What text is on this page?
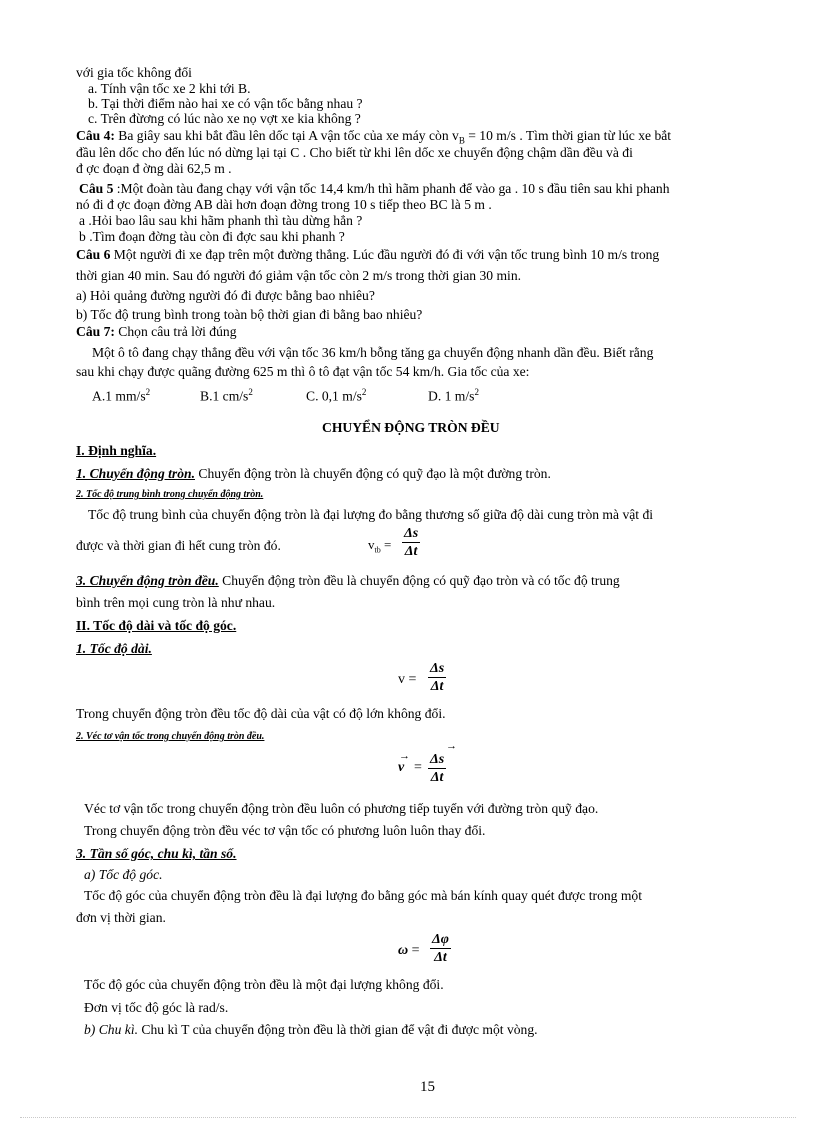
với gia tốc không đổi
a. Tính vận tốc xe 2 khi tới B.
b. Tại thời điểm nào hai xe có vận tốc bằng nhau ?
c. Trên đừơng có lúc nào xe nọ vợt xe kia không ?
Câu 4: Ba giây sau khi bắt đầu lên dốc tại A vận tốc của xe máy còn $v_B = 10$ m/s . Tìm thời gian từ lúc xe bắt
đầu lên dốc cho đến lúc nó dừng lại tại C . Cho biết từ khi lên dốc xe chuyển động chậm dần đều và đi
đ ợc đoạn đ ờng dài 62,5 m .
Câu 5 :Một đoàn tàu đang chạy với vận tốc 14,4 km/h thì hãm phanh để vào ga . 10 s đầu tiên sau khi phanh
nó đi đ ợc đoạn đờng AB dài hơn đoạn đờng trong 10 s tiếp theo BC là 5 m .
a .Hỏi bao lâu sau khi hãm phanh thì tàu dừng hẳn ?
b .Tìm đoạn đờng tàu còn đi đợc sau khi phanh ?
Câu 6 Một người đi xe đạp trên một đường thẳng. Lúc đầu người đó đi với vận tốc trung bình 10 m/s trong
thời gian 40 min. Sau đó người đó giảm vận tốc còn 2 m/s trong thời gian 30 min.
a) Hỏi quảng đường người đó đi được bằng bao nhiêu?
b) Tốc độ trung bình trong toàn bộ thời gian đi bằng bao nhiêu?
Câu 7: Chọn câu trả lời đúng
Một ô tô đang chạy thẳng đều với vận tốc 36 km/h bỗng tăng ga chuyển động nhanh dần đều. Biết rằng
sau khi chạy được quãng đường 625 m thì ô tô đạt vận tốc 54 km/h. Gia tốc của xe:
A.1 $mm/s^2$	B.1 $cm/s^2$	C. 0,1 $m/s^2$	D. 1 $m/s^2$
CHUYỂN ĐỘNG TRÒN ĐỀU
I. Định nghĩa.
1. Chuyển động tròn. Chuyển động tròn là chuyển động có quỹ đạo là một đường tròn.
2. Tốc độ trung bình trong chuyển động tròn.
Tốc độ trung bình của chuyển động tròn là đại lượng đo bằng thương số giữa độ dài cung tròn mà vật đi
được và thời gian đi hết cung tròn đó.	$v_{tb}$ =
Δs
Δt
3. Chuyển động tròn đều. Chuyển động tròn đều là chuyển động có quỹ đạo tròn và có tốc độ trung
bình trên mọi cung tròn là như nhau.
II. Tốc độ dài và tốc độ góc.
1. Tốc độ dài.
v =
Δs
Δt
Trong chuyển động tròn đều tốc độ dài của vật có độ lớn không đổi.
2. Véc tơ vận tốc trong chuyển động tròn đều.
→
v =
→
Δs
Δt
Véc tơ vận tốc trong chuyển động tròn đều luôn có phương tiếp tuyến với đường tròn quỹ đạo.
Trong chuyển động tròn đều véc tơ vận tốc có phương luôn luôn thay đổi.
3. Tần số góc, chu kì, tần số.
a) Tốc độ góc.
Tốc độ góc của chuyển động tròn đều là đại lượng đo bằng góc mà bán kính quay quét được trong một
đơn vị thời gian.
ω =
Δφ
Δt
Tốc độ góc của chuyển động tròn đều là một đại lượng không đổi.
Đơn vị tốc độ góc là rad/s.
b) Chu kì. Chu kì T của chuyển động tròn đều là thời gian để vật đi được một vòng.
15
